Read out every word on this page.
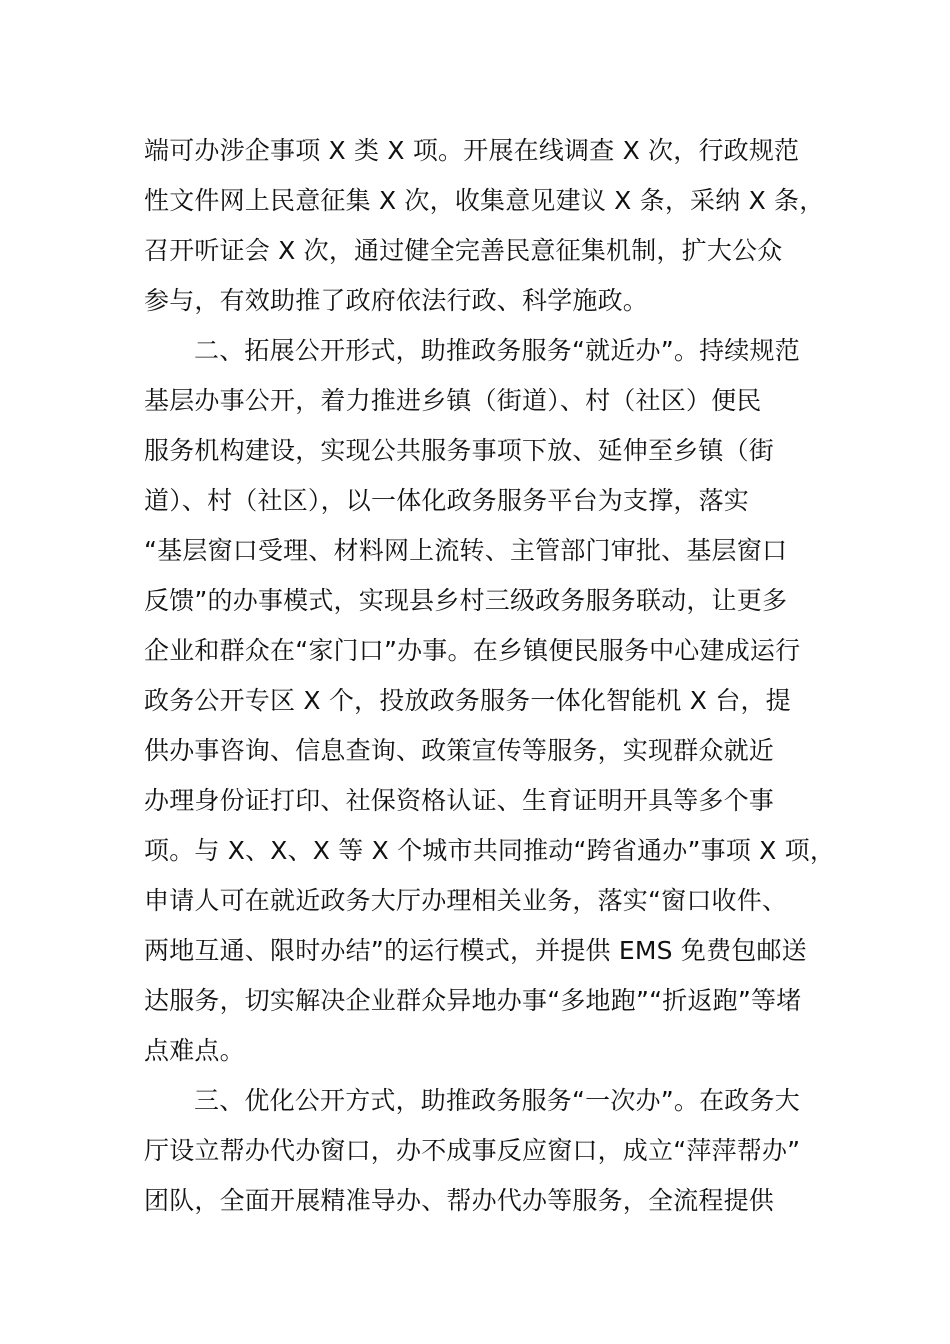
端可办涉企事项 X 类 X 项。开展在线调查 X 次，行政规范
性文件网上民意征集 X 次，收集意见建议 X 条，采纳 X 条，
召开听证会 X 次，通过健全完善民意征集机制，扩大公众
参与，有效助推了政府依法行政、科学施政。
二、拓展公开形式，助推政务服务“就近办”。持续规范
基层办事公开，着力推进乡镇（街道）、村（社区）便民
服务机构建设，实现公共服务事项下放、延伸至乡镇（街
道）、村（社区），以一体化政务服务平台为支撑，落实
“基层窗口受理、材料网上流转、主管部门审批、基层窗口
反馈”的办事模式，实现县乡村三级政务服务联动，让更多
企业和群众在“家门口”办事。在乡镇便民服务中心建成运行
政务公开专区 X 个，投放政务服务一体化智能机 X 台，提
供办事咨询、信息查询、政策宣传等服务，实现群众就近
办理身份证打印、社保资格认证、生育证明开具等多个事
项。与 X、X、X 等 X 个城市共同推动“跨省通办”事项 X 项，
申请人可在就近政务大厅办理相关业务，落实“窗口收件、
两地互通、限时办结”的运行模式，并提供 EMS 免费包邮送
达服务，切实解决企业群众异地办事“多地跑”“折返跑”等堵
点难点。
三、优化公开方式，助推政务服务“一次办”。在政务大
厅设立帮办代办窗口，办不成事反应窗口，成立“萍萍帮办”
团队，全面开展精准导办、帮办代办等服务，全流程提供
